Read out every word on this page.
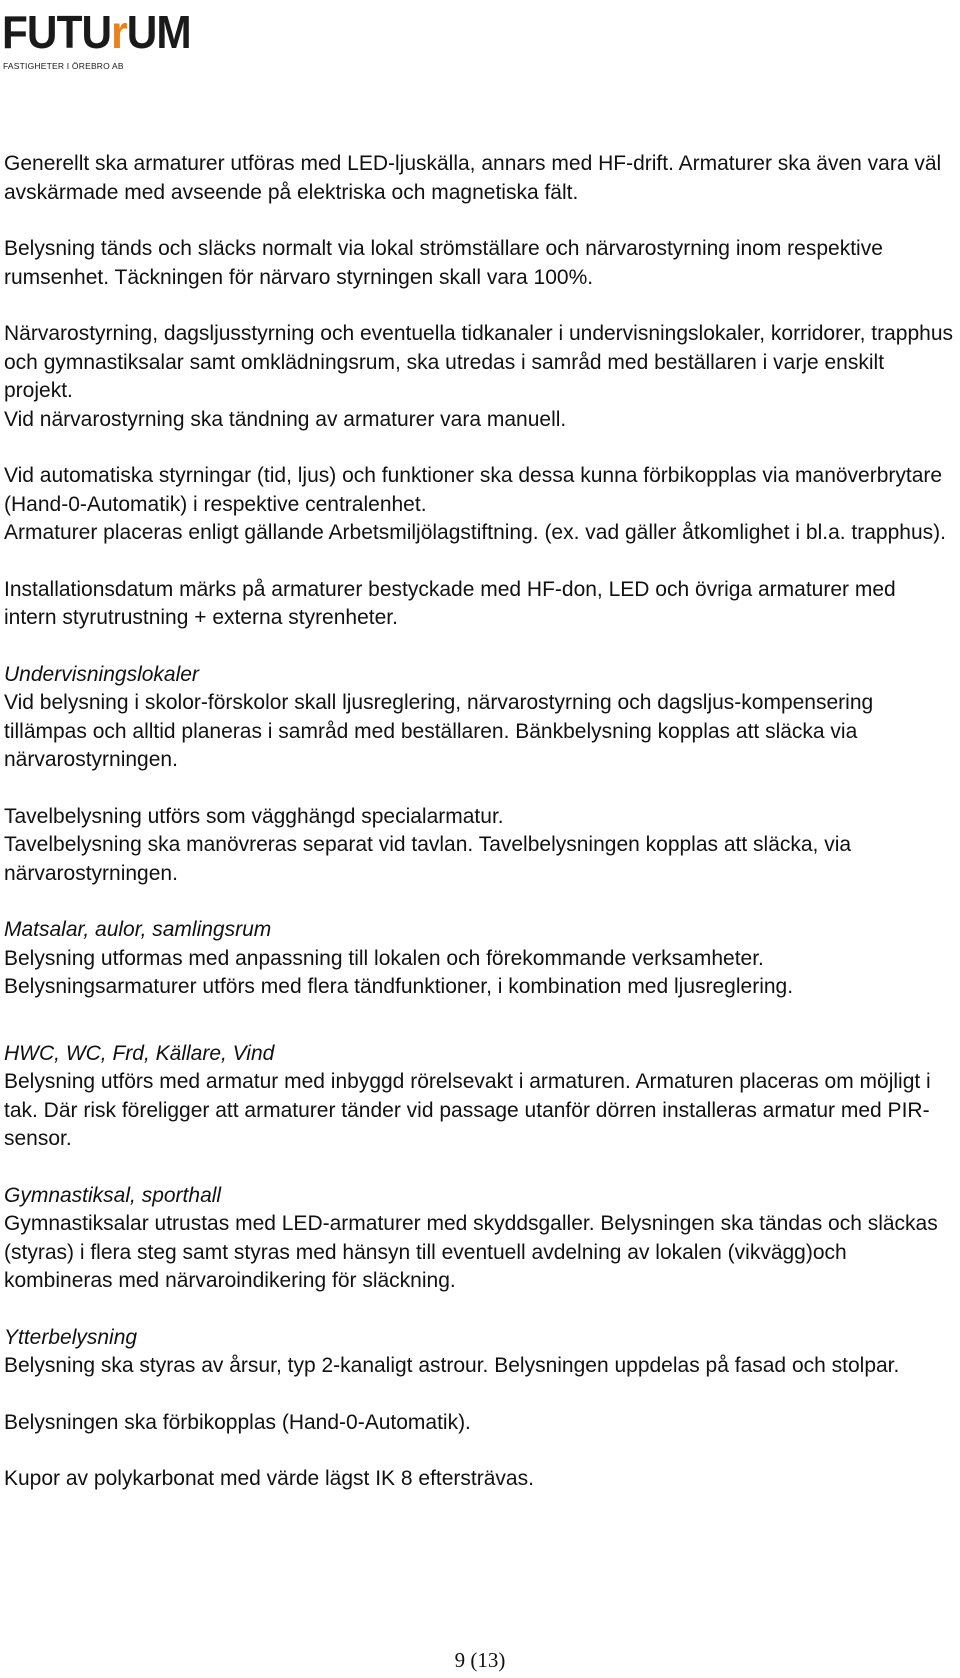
FUTUrUM
FASTIGHETER I ÖREBRO AB

Generellt ska armaturer utföras med LED-ljuskälla, annars med HF-drift. Armaturer ska även vara väl avskärmade med avseende på elektriska och magnetiska fält.

Belysning tänds och släcks normalt via lokal strömställare och närvarostyrning inom respektive rumsenhet. Täckningen för närvaro styrningen skall vara 100%.

Närvarostyrning, dagsljusstyrning och eventuella tidkanaler i undervisningslokaler, korridorer, trapphus och gymnastiksalar samt omklädningsrum, ska utredas i samråd med beställaren i varje enskilt projekt.

Vid närvarostyrning ska tändning av armaturer vara manuell.

Vid automatiska styrningar (tid, ljus) och funktioner ska dessa kunna förbikopplas via manöverbrytare (Hand-0-Automatik) i respektive centralenhet.

Armaturer placeras enligt gällande Arbetsmiljölagstiftning. (ex. vad gäller åtkomlighet i bl.a. trapphus).

Installationsdatum märks på armaturer bestyckade med HF-don, LED och övriga armaturer med intern styrutrustning + externa styrenheter.

Undervisningslokaler

Vid belysning i skolor-förskolor skall ljusreglering, närvarostyrning och dagsljus-kompensering tillämpas och alltid planeras i samråd med beställaren. Bänkbelysning kopplas att släcka via närvarostyrningen.

Tavelbelysning utförs som vägghängd specialarmatur.

Tavelbelysning ska manövreras separat vid tavlan. Tavelbelysningen kopplas att släcka, via närvarostyrningen.

Matsalar, aulor, samlingsrum

Belysning utformas med anpassning till lokalen och förekommande verksamheter.

Belysningsarmaturer utförs med flera tändfunktioner, i kombination med ljusreglering.

HWC, WC, Frd, Källare, Vind

Belysning utförs med armatur med inbyggd rörelsevakt i armaturen. Armaturen placeras om möjligt i tak. Där risk föreligger att armaturer tänder vid passage utanför dörren installeras armatur med PIR-sensor.

Gymnastiksal, sporthall

Gymnastiksalar utrustas med LED-armaturer med skyddsgaller. Belysningen ska tändas och släckas (styras) i flera steg samt styras med hänsyn till eventuell avdelning av lokalen (vikvägg)och kombineras med närvaroindikering för släckning.

Ytterbelysning

Belysning ska styras av årsur, typ 2-kanaligt astrour. Belysningen uppdelas på fasad och stolpar.

Belysningen ska förbikopplas (Hand-0-Automatik).

Kupor av polykarbonat med värde lägst IK 8 eftersträvas.

9 (13)
